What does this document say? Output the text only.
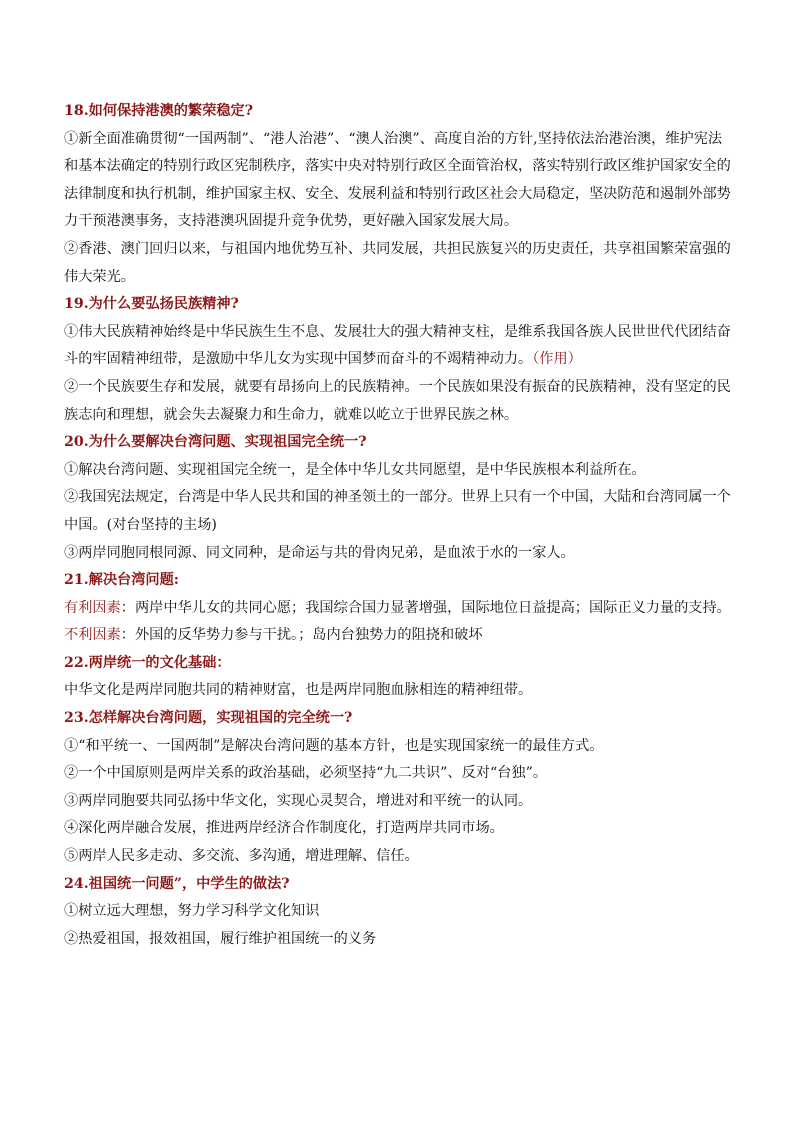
18.如何保持港澳的繁荣稳定?

①新全面准确贯彻“一国两制”、“港人治港”、“澳人治澳”、高度自治的方针,坚持依法治港治澳，维护宪法和基本法确定的特别行政区宪制秩序，落实中央对特别行政区全面管治权，落实特别行政区维护国家安全的法律制度和执行机制，维护国家主权、安全、发展利益和特别行政区社会大局稳定，坚决防范和遏制外部势力干预港澳事务，支持港澳巩固提升竞争优势，更好融入国家发展大局。

②香港、澳门回归以来，与祖国内地优势互补、共同发展，共担民族复兴的历史责任，共享祖国繁荣富强的伟大荣光。

19.为什么要弘扬民族精神?

①伟大民族精神始终是中华民族生生不息、发展壮大的强大精神支柱，是维系我国各族人民世世代代团结奋斗的牢固精神纽带，是激励中华儿女为实现中国梦而奋斗的不竭精神动力。（作用）

②一个民族要生存和发展，就要有昂扬向上的民族精神。一个民族如果没有振奋的民族精神，没有坚定的民族志向和理想，就会失去凝聚力和生命力，就难以屹立于世界民族之林。

20.为什么要解决台湾问题、实现祖国完全统一?

①解决台湾问题、实现祖国完全统一，是全体中华儿女共同愿望，是中华民族根本利益所在。

②我国宪法规定，台湾是中华人民共和国的神圣领土的一部分。世界上只有一个中国，大陆和台湾同属一个中国。(对台坚持的主场)

③两岸同胞同根同源、同文同种，是命运与共的骨肉兄弟，是血浓于水的一家人。

21.解决台湾问题:

有利因素：两岸中华儿女的共同心愿；我国综合国力显著增强，国际地位日益提高；国际正义力量的支持。

不利因素：外国的反华势力参与干扰。；岛内台独势力的阻挠和破坏

22.两岸统一的文化基础：

中华文化是两岸同胞共同的精神财富，也是两岸同胞血脉相连的精神纽带。

23.怎样解决台湾问题，实现祖国的完全统一?

①“和平统一、一国两制”是解决台湾问题的基本方针，也是实现国家统一的最佳方式。

②一个中国原则是两岸关系的政治基础，必须坚持“九二共识”、反对“台独”。

③两岸同胞要共同弘扬中华文化，实现心灵契合，增进对和平统一的认同。

④深化两岸融合发展，推进两岸经济合作制度化，打造两岸共同市场。

⑤两岸人民多走动、多交流、多沟通，增进理解、信任。

24.祖国统一问题”，中学生的做法?

①树立远大理想，努力学习科学文化知识

②热爱祖国，报效祖国，履行维护祖国统一的义务
